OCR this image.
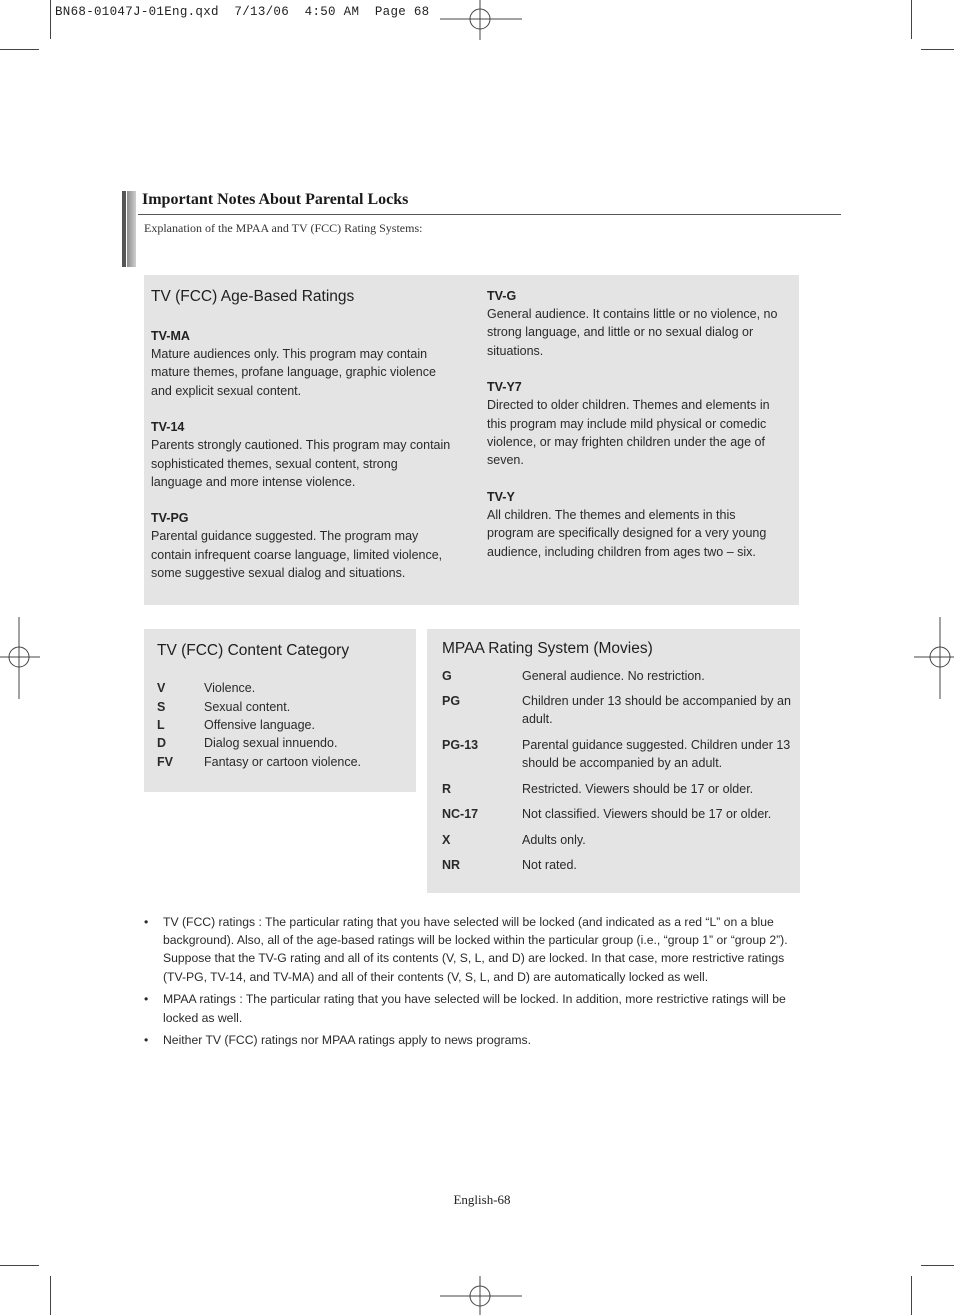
BN68-01047J-01Eng.qxd  7/13/06  4:50 AM  Page 68
Important Notes About Parental Locks
Explanation of the MPAA and TV (FCC) Rating Systems:
TV (FCC) Age-Based Ratings
TV-MA
Mature audiences only. This program may contain mature themes, profane language, graphic violence and explicit sexual content.
TV-14
Parents strongly cautioned. This program may contain sophisticated themes, sexual content, strong language and more intense violence.
TV-PG
Parental guidance suggested. The program may contain infrequent coarse language, limited violence, some suggestive sexual dialog and situations.
TV-G
General audience. It contains little or no violence, no strong language, and little or no sexual dialog or situations.
TV-Y7
Directed to older children. Themes and elements in this program may include mild physical or comedic violence, or may frighten children under the age of seven.
TV-Y
All children. The themes and elements in this program are specifically designed for a very young audience, including children from ages two – six.
TV (FCC) Content Category
V	Violence.
S	Sexual content.
L	Offensive language.
D	Dialog sexual innuendo.
FV Fantasy or cartoon violence.
MPAA Rating System (Movies)
G	General audience. No restriction.
PG	Children under 13 should be accompanied by an adult.
PG-13	Parental guidance suggested. Children under 13 should be accompanied by an adult.
R	Restricted. Viewers should be 17 or older.
NC-17	Not classified. Viewers should be 17 or older.
X	Adults only.
NR	Not rated.
• TV (FCC) ratings : The particular rating that you have selected will be locked (and indicated as a red “L” on a blue background). Also, all of the age-based ratings will be locked within the particular group (i.e., “group 1” or “group 2”). Suppose that the TV-G rating and all of its contents (V, S, L, and D) are locked. In that case, more restrictive ratings (TV-PG, TV-14, and TV-MA) and all of their contents (V, S, L, and D) are automatically locked as well.
• MPAA ratings : The particular rating that you have selected will be locked. In addition, more restrictive ratings will be locked as well.
• Neither TV (FCC) ratings nor MPAA ratings apply to news programs.
English-68
